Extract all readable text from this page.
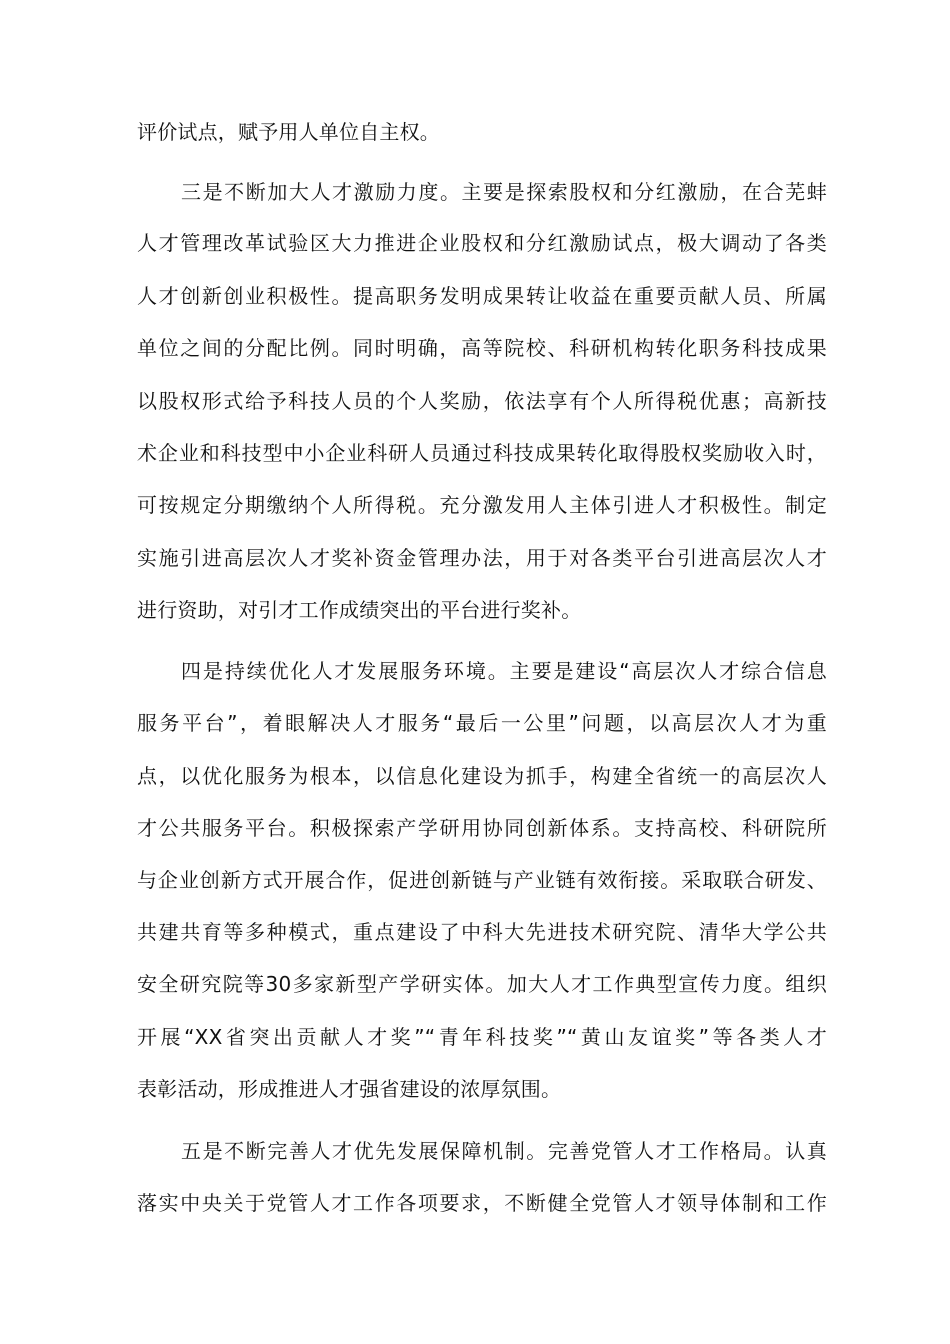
评价试点，赋予用人单位自主权。
三是不断加大人才激励力度。主要是探索股权和分红激励，在合芜蚌
人才管理改革试验区大力推进企业股权和分红激励试点，极大调动了各类
人才创新创业积极性。提高职务发明成果转让收益在重要贡献人员、所属
单位之间的分配比例。同时明确，高等院校、科研机构转化职务科技成果
以股权形式给予科技人员的个人奖励，依法享有个人所得税优惠；高新技
术企业和科技型中小企业科研人员通过科技成果转化取得股权奖励收入时，
可按规定分期缴纳个人所得税。充分激发用人主体引进人才积极性。制定
实施引进高层次人才奖补资金管理办法，用于对各类平台引进高层次人才
进行资助，对引才工作成绩突出的平台进行奖补。
四是持续优化人才发展服务环境。主要是建设“高层次人才综合信息
服务平台”，着眼解决人才服务“最后一公里”问题，以高层次人才为重
点，以优化服务为根本，以信息化建设为抓手，构建全省统一的高层次人
才公共服务平台。积极探索产学研用协同创新体系。支持高校、科研院所
与企业创新方式开展合作，促进创新链与产业链有效衔接。采取联合研发、
共建共育等多种模式，重点建设了中科大先进技术研究院、清华大学公共
安全研究院等30多家新型产学研实体。加大人才工作典型宣传力度。组织
开展“XX省突出贡献人才奖”“青年科技奖”“黄山友谊奖”等各类人才
表彰活动，形成推进人才强省建设的浓厚氛围。
五是不断完善人才优先发展保障机制。完善党管人才工作格局。认真
落实中央关于党管人才工作各项要求，不断健全党管人才领导体制和工作
